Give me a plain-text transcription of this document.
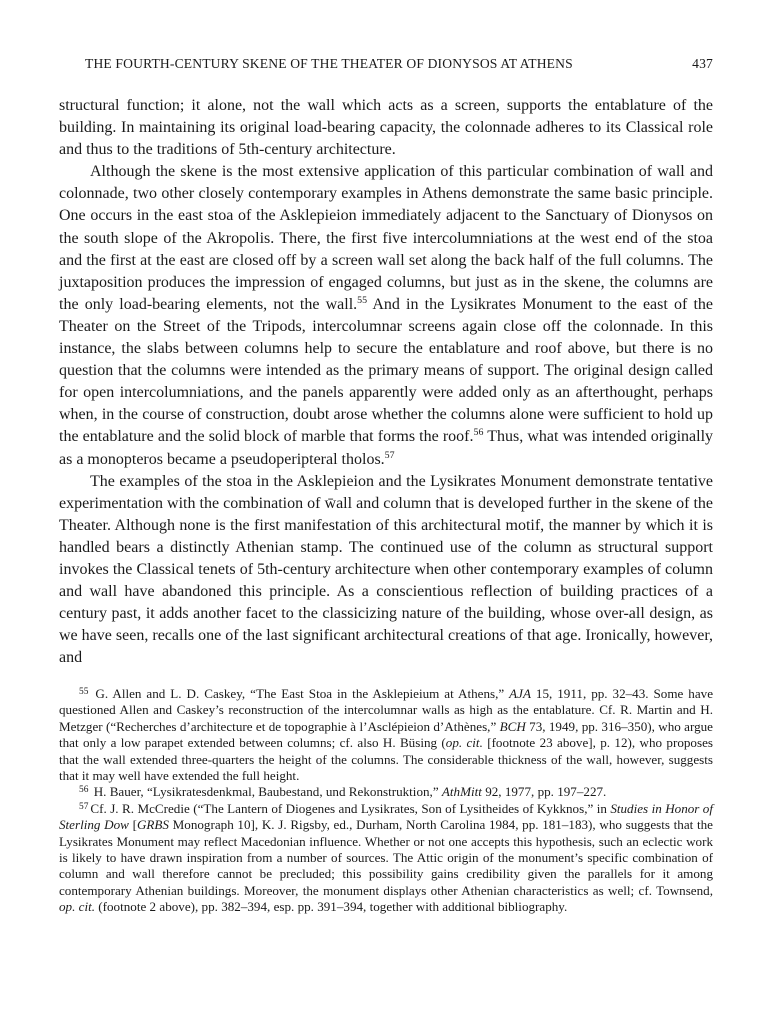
THE FOURTH-CENTURY SKENE OF THE THEATER OF DIONYSOS AT ATHENS	437

structural function; it alone, not the wall which acts as a screen, supports the entablature of the building. In maintaining its original load-bearing capacity, the colonnade adheres to its Classical role and thus to the traditions of 5th-century architecture.

Although the skene is the most extensive application of this particular combination of wall and colonnade, two other closely contemporary examples in Athens demonstrate the same basic principle. One occurs in the east stoa of the Asklepieion immediately adjacent to the Sanctuary of Dionysos on the south slope of the Akropolis. There, the first five intercolumniations at the west end of the stoa and the first at the east are closed off by a screen wall set along the back half of the full columns. The juxtaposition produces the impression of engaged columns, but just as in the skene, the columns are the only load-bearing elements, not the wall.$^{55}$ And in the Lysikrates Monument to the east of the Theater on the Street of the Tripods, intercolumnar screens again close off the colonnade. In this instance, the slabs between columns help to secure the entablature and roof above, but there is no question that the columns were intended as the primary means of support. The original design called for open intercolumniations, and the panels apparently were added only as an afterthought, perhaps when, in the course of construction, doubt arose whether the columns alone were sufficient to hold up the entablature and the solid block of marble that forms the roof.$^{56}$ Thus, what was intended originally as a monopteros became a pseudoperipteral tholos.$^{57}$

The examples of the stoa in the Asklepieion and the Lysikrates Monument demonstrate tentative experimentation with the combination of w̄all and column that is developed further in the skene of the Theater. Although none is the first manifestation of this architectural motif, the manner by which it is handled bears a distinctly Athenian stamp. The continued use of the column as structural support invokes the Classical tenets of 5th-century architecture when other contemporary examples of column and wall have abandoned this principle. As a conscientious reflection of building practices of a century past, it adds another facet to the classicizing nature of the building, whose over-all design, as we have seen, recalls one of the last significant architectural creations of that age. Ironically, however, and

$^{55}$ G. Allen and L. D. Caskey, “The East Stoa in the Asklepieium at Athens,” AJA 15, 1911, pp. 32–43. Some have questioned Allen and Caskey’s reconstruction of the intercolumnar walls as high as the entablature. Cf. R. Martin and H. Metzger (“Recherches d’architecture et de topographie à l’Asclépieion d’Athènes,” BCH 73, 1949, pp. 316–350), who argue that only a low parapet extended between columns; cf. also H. Büsing (op. cit. [footnote 23 above], p. 12), who proposes that the wall extended three-quarters the height of the columns. The considerable thickness of the wall, however, suggests that it may well have extended the full height.

$^{56}$ H. Bauer, “Lysikratesdenkmal, Baubestand, und Rekonstruktion,” AthMitt 92, 1977, pp. 197–227.

$^{57}$ Cf. J. R. McCredie (“The Lantern of Diogenes and Lysikrates, Son of Lysitheides of Kykknos,” in Studies in Honor of Sterling Dow [GRBS Monograph 10], K. J. Rigsby, ed., Durham, North Carolina 1984, pp. 181–183), who suggests that the Lysikrates Monument may reflect Macedonian influence. Whether or not one accepts this hypothesis, such an eclectic work is likely to have drawn inspiration from a number of sources. The Attic origin of the monument’s specific combination of column and wall therefore cannot be precluded; this possibility gains credibility given the parallels for it among contemporary Athenian buildings. Moreover, the monument displays other Athenian characteristics as well; cf. Townsend, op. cit. (footnote 2 above), pp. 382–394, esp. pp. 391–394, together with additional bibliography.
